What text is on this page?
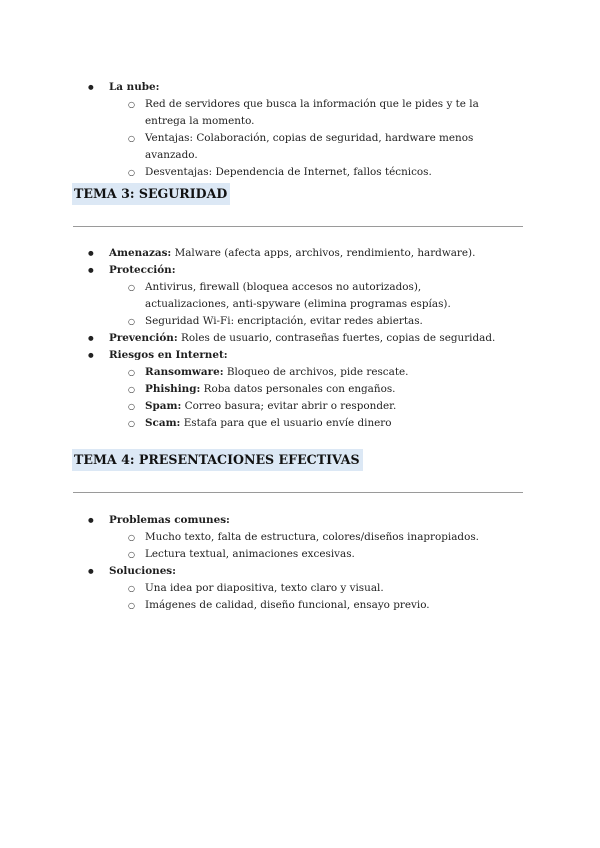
● La nube:
○ Red de servidores que busca la información que le pides y te la entrega la momento.
○ Ventajas: Colaboración, copias de seguridad, hardware menos avanzado.
○ Desventajas: Dependencia de Internet, fallos técnicos.
TEMA 3: SEGURIDAD
● Amenazas: Malware (afecta apps, archivos, rendimiento, hardware).
● Protección:
○ Antivirus, firewall (bloquea accesos no autorizados), actualizaciones, anti-spyware (elimina programas espías).
○ Seguridad Wi-Fi: encriptación, evitar redes abiertas.
● Prevención: Roles de usuario, contraseñas fuertes, copias de seguridad.
● Riesgos en Internet:
○ Ransomware: Bloqueo de archivos, pide rescate.
○ Phishing: Roba datos personales con engaños.
○ Spam: Correo basura; evitar abrir o responder.
○ Scam: Estafa para que el usuario envíe dinero
TEMA 4: PRESENTACIONES EFECTIVAS
● Problemas comunes:
○ Mucho texto, falta de estructura, colores/diseños inapropiados.
○ Lectura textual, animaciones excesivas.
● Soluciones:
○ Una idea por diapositiva, texto claro y visual.
○ Imágenes de calidad, diseño funcional, ensayo previo.
